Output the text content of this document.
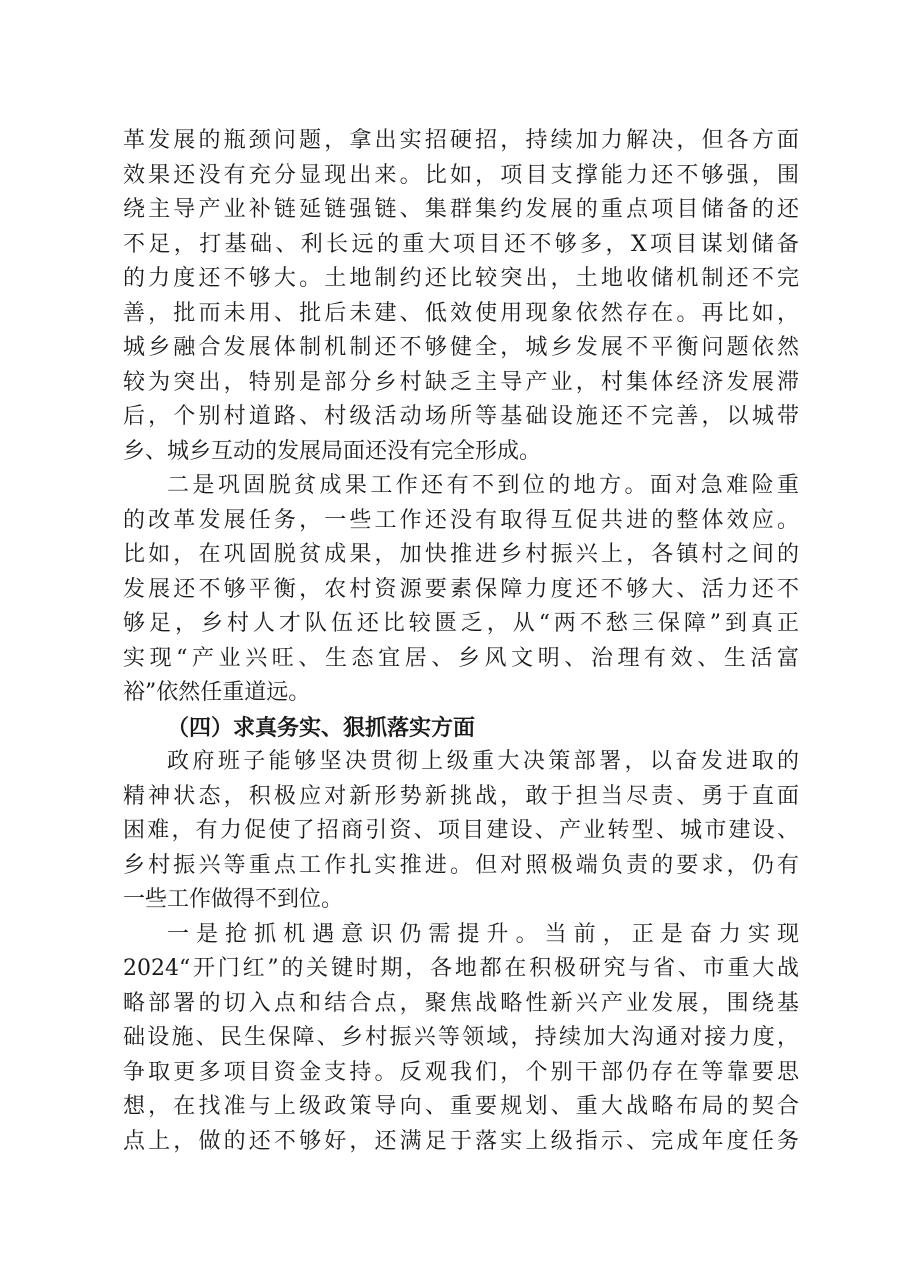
革发展的瓶颈问题，拿出实招硬招，持续加力解决，但各方面
效果还没有充分显现出来。比如，项目支撑能力还不够强，围
绕主导产业补链延链强链、集群集约发展的重点项目储备的还
不足，打基础、利长远的重大项目还不够多，X项目谋划储备
的力度还不够大。土地制约还比较突出，土地收储机制还不完
善，批而未用、批后未建、低效使用现象依然存在。再比如，
城乡融合发展体制机制还不够健全，城乡发展不平衡问题依然
较为突出，特别是部分乡村缺乏主导产业，村集体经济发展滞
后，个别村道路、村级活动场所等基础设施还不完善，以城带
乡、城乡互动的发展局面还没有完全形成。
二是巩固脱贫成果工作还有不到位的地方。面对急难险重
的改革发展任务，一些工作还没有取得互促共进的整体效应。
比如，在巩固脱贫成果，加快推进乡村振兴上，各镇村之间的
发展还不够平衡，农村资源要素保障力度还不够大、活力还不
够足，乡村人才队伍还比较匮乏，从“两不愁三保障”到真正
实现“产业兴旺、生态宜居、乡风文明、治理有效、生活富
裕”依然任重道远。
（四）求真务实、狠抓落实方面
政府班子能够坚决贯彻上级重大决策部署，以奋发进取的
精神状态，积极应对新形势新挑战，敢于担当尽责、勇于直面
困难，有力促使了招商引资、项目建设、产业转型、城市建设、
乡村振兴等重点工作扎实推进。但对照极端负责的要求，仍有
一些工作做得不到位。
一是抢抓机遇意识仍需提升。当前，正是奋力实现
2024“开门红”的关键时期，各地都在积极研究与省、市重大战
略部署的切入点和结合点，聚焦战略性新兴产业发展，围绕基
础设施、民生保障、乡村振兴等领域，持续加大沟通对接力度，
争取更多项目资金支持。反观我们，个别干部仍存在等靠要思
想，在找准与上级政策导向、重要规划、重大战略布局的契合
点上，做的还不够好，还满足于落实上级指示、完成年度任务
